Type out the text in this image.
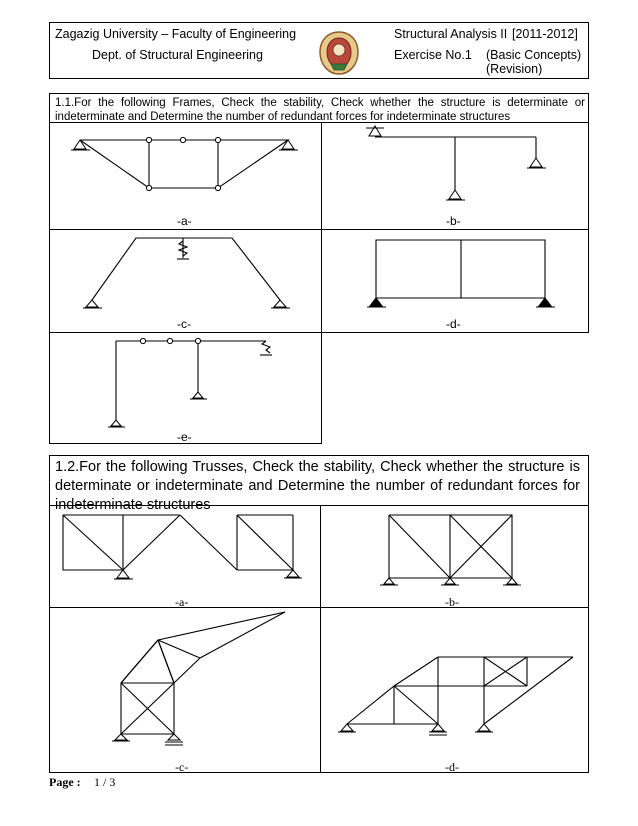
Zagazig University – Faculty of Engineering
Dept. of Structural Engineering
Structural Analysis II [2011-2012]
Exercise No.1 (Basic Concepts)
(Revision)
1.1.For the following Frames, Check the stability, Check whether the structure is determinate or indeterminate and Determine the number of redundant forces for indeterminate structures
-a-	-b-
-c-	-d-
-e-
1.2.For the following Trusses, Check the stability, Check whether the structure is determinate or indeterminate and Determine the number of redundant forces for indeterminate structures
-a-	-b-
-c-	-d-
Page : 1 / 3
